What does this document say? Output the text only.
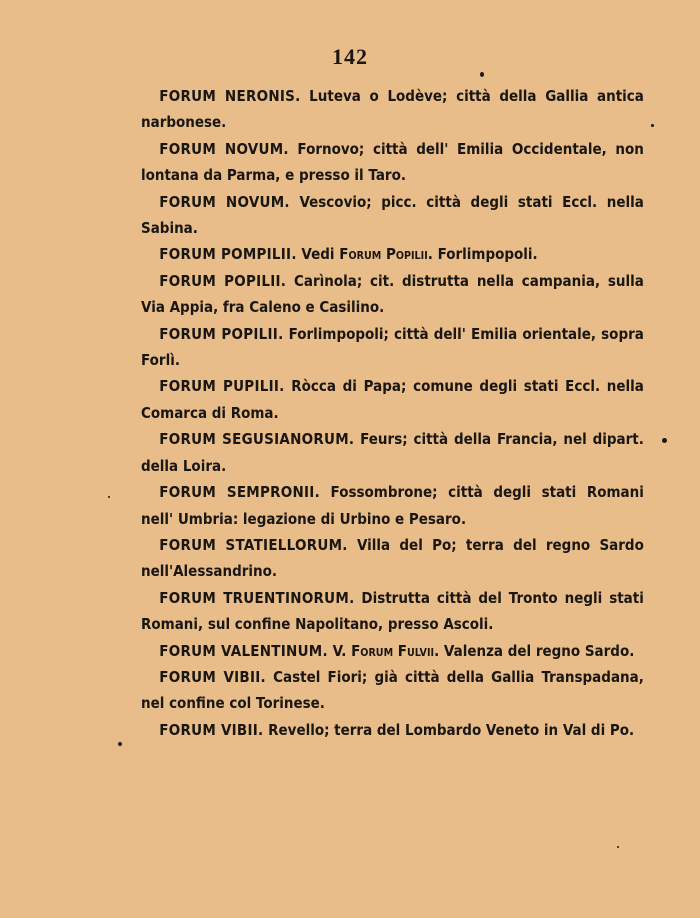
142

FORUM NERONIS. Luteva o Lodève; città della Gallia antica narbonese.

FORUM NOVUM. Fornovo; città dell' Emilia Occidentale, non lontana da Parma, e presso il Taro.

FORUM NOVUM. Vescovio; picc. città degli stati Eccl. nella Sabina.

FORUM POMPILII. Vedi Forum Popilii. Forlimpopoli.

FORUM POPILII. Carìnola; cit. distrutta nella campania, sulla Via Appia, fra Caleno e Casilino.

FORUM POPILII. Forlimpopoli; città dell' Emilia orientale, sopra Forlì.

FORUM PUPILII. Ròcca di Papa; comune degli stati Eccl. nella Comarca di Roma.

FORUM SEGUSIANORUM. Feurs; città della Francia, nel dipart. della Loira.

FORUM SEMPRONII. Fossombrone; città degli stati Romani nell' Umbria: legazione di Urbino e Pesaro.

FORUM STATIELLORUM. Villa del Po; terra del regno Sardo nell'Alessandrino.

FORUM TRUENTINORUM. Distrutta città del Tronto negli stati Romani, sul confine Napolitano, presso Ascoli.

FORUM VALENTINUM. V. Forum Fulvii. Valenza del regno Sardo.

FORUM VIBII. Castel Fiori; già città della Gallia Transpadana, nel confine col Torinese.

FORUM VIBII. Revello; terra del Lombardo Veneto in Val di Po.
